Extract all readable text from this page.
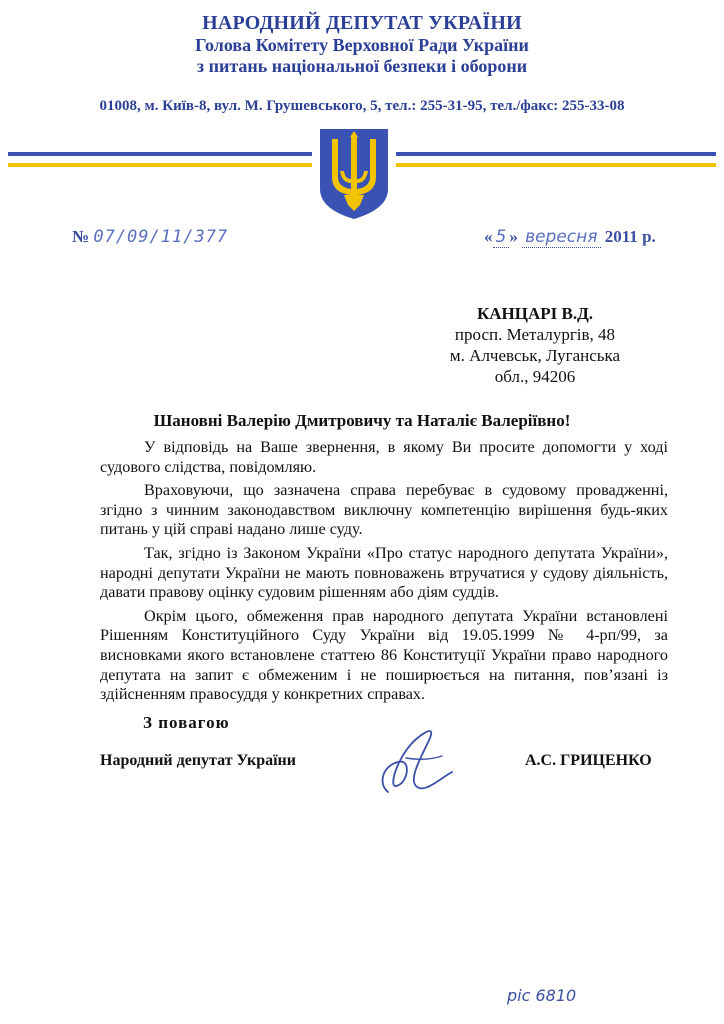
НАРОДНИЙ ДЕПУТАТ УКРАЇНИ
Голова Комітету Верховної Ради України
з питань національної безпеки і оборони
01008, м. Київ-8, вул. М. Грушевського, 5, тел.: 255-31-95, тел./факс: 255-33-08
№ 07/09/11/377	« 5 » вересня 2011 р.
КАНЦАРІ В.Д.
просп. Металургів, 48
м. Алчевськ, Луганська
обл., 94206
Шановні Валерію Дмитровичу та Наталіє Валеріївно!

У відповідь на Ваше звернення, в якому Ви просите допомогти у ході судового слідства, повідомляю.

Враховуючи, що зазначена справа перебуває в судовому провадженні, згідно з чинним законодавством виключну компетенцію вирішення будь-яких питань у цій справі надано лише суду.

Так, згідно із Законом України «Про статус народного депутата України», народні депутати України не мають повноважень втручатися у судову діяльність, давати правову оцінку судовим рішенням або діям суддів.

Окрім цього, обмеження прав народного депутата України встановлені Рішенням Конституційного Суду України від 19.05.1999 № 4-рп/99, за висновками якого встановлене статтею 86 Конституції України право народного депутата на запит є обмеженим і не поширюється на питання, пов’язані із здійсненням правосуддя у конкретних справах.

З повагою
Народний депутат України	А.С. ГРИЦЕНКО
pic 6810
